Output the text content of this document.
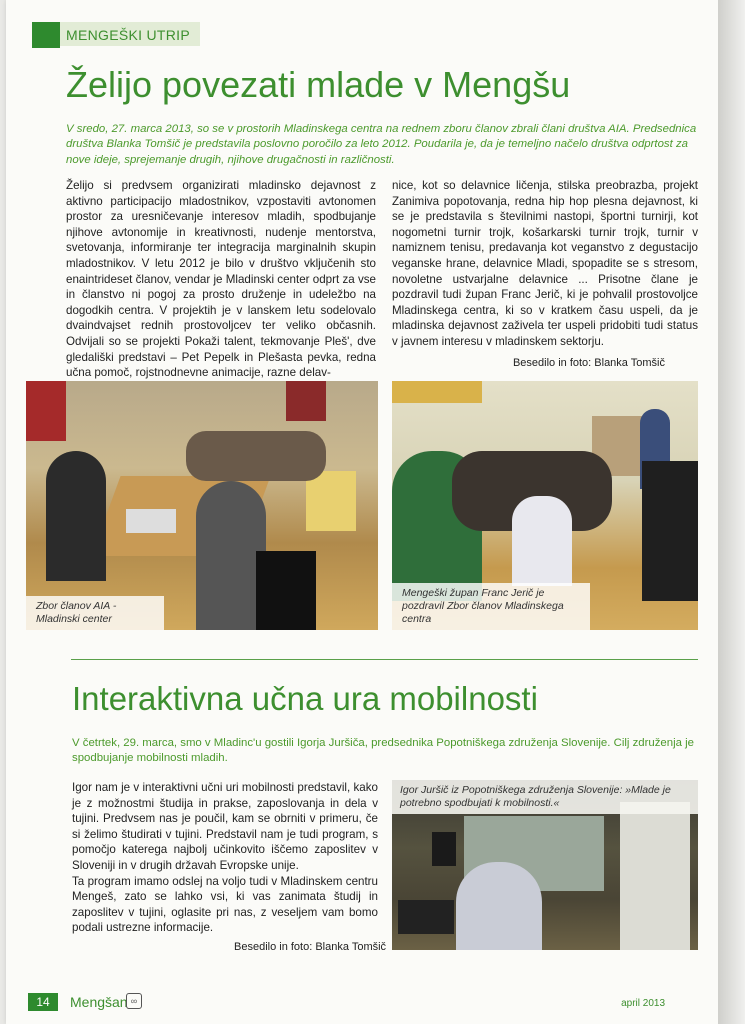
MENGEŠKI UTRIP
Želijo povezati mlade v Mengšu
V sredo, 27. marca 2013, so se v prostorih Mladinskega centra na rednem zboru članov zbrali člani društva AIA. Predsednica društva Blanka Tomšič je predstavila poslovno poročilo za leto 2012. Poudarila je, da je temeljno načelo društva odprtost za nove ideje, sprejemanje drugih, njihove drugačnosti in različnosti.
Želijo si predvsem organizirati mladinsko dejavnost z aktivno participacijo mladostnikov, vzpostaviti avtonomen prostor za uresničevanje interesov mladih, spodbujanje njihove avtonomije in kreativnosti, nudenje mentorstva, svetovanja, informiranje ter integracija marginalnih skupin mladostnikov. V letu 2012 je bilo v društvo vključenih sto enaintrideset članov, vendar je Mladinski center odprt za vse in članstvo ni pogoj za prosto druženje in udeležbo na dogodkih centra. V projektih je v lanskem letu sodelovalo dvaindvajset rednih prostovoljcev ter veliko občasnih. Odvijali so se projekti Pokaži talent, tekmovanje Pleš', dve gledališki predstavi – Pet Pepelk in Plešasta pevka, redna učna pomoč, rojstnodnevne animacije, razne delav-
nice, kot so delavnice ličenja, stilska preobrazba, projekt Zanimiva popotovanja, redna hip hop plesna dejavnost, ki se je predstavila s številnimi nastopi, športni turnirji, kot nogometni turnir trojk, košarkarski turnir trojk, turnir v namiznem tenisu, predavanja kot veganstvo z degustacijo veganske hrane, delavnice Mladi, spopadite se s stresom, novoletne ustvarjalne delavnice ... Prisotne člane je pozdravil tudi župan Franc Jerič, ki je pohvalil prostovoljce Mladinskega centra, ki so v kratkem času uspeli, da je mladinska dejavnost zaživela ter uspeli pridobiti tudi status v javnem interesu v mladinskem sektorju.
Besedilo in foto: Blanka Tomšič
Zbor članov AIA - Mladinski center
Mengeški župan Franc Jerič je pozdravil Zbor članov Mladinskega centra
Interaktivna učna ura mobilnosti
V četrtek, 29. marca, smo v Mladinc'u gostili Igorja Juršiča, predsednika Popotniškega združenja Slovenije. Cilj združenja je spodbujanje mobilnosti mladih.
Igor nam je v interaktivni učni uri mobilnosti predstavil, kako je z možnostmi študija in prakse, zaposlovanja in dela v tujini. Predvsem nas je poučil, kam se obrniti v primeru, če si želimo študirati v tujini. Predstavil nam je tudi program, s pomočjo katerega najbolj učinkovito iščemo zaposlitev v Sloveniji in v drugih državah Evropske unije.
Ta program imamo odslej na voljo tudi v Mladinskem centru Mengeš, zato se lahko vsi, ki vas zanimata študij in zaposlitev v tujini, oglasite pri nas, z veseljem vam bomo podali ustrezne informacije.
Besedilo in foto: Blanka Tomšič
Igor Juršič iz Popotniškega združenja Slovenije: »Mlade je potrebno spodbujati k mobilnosti.«
14	Mengšan ∞	april 2013
